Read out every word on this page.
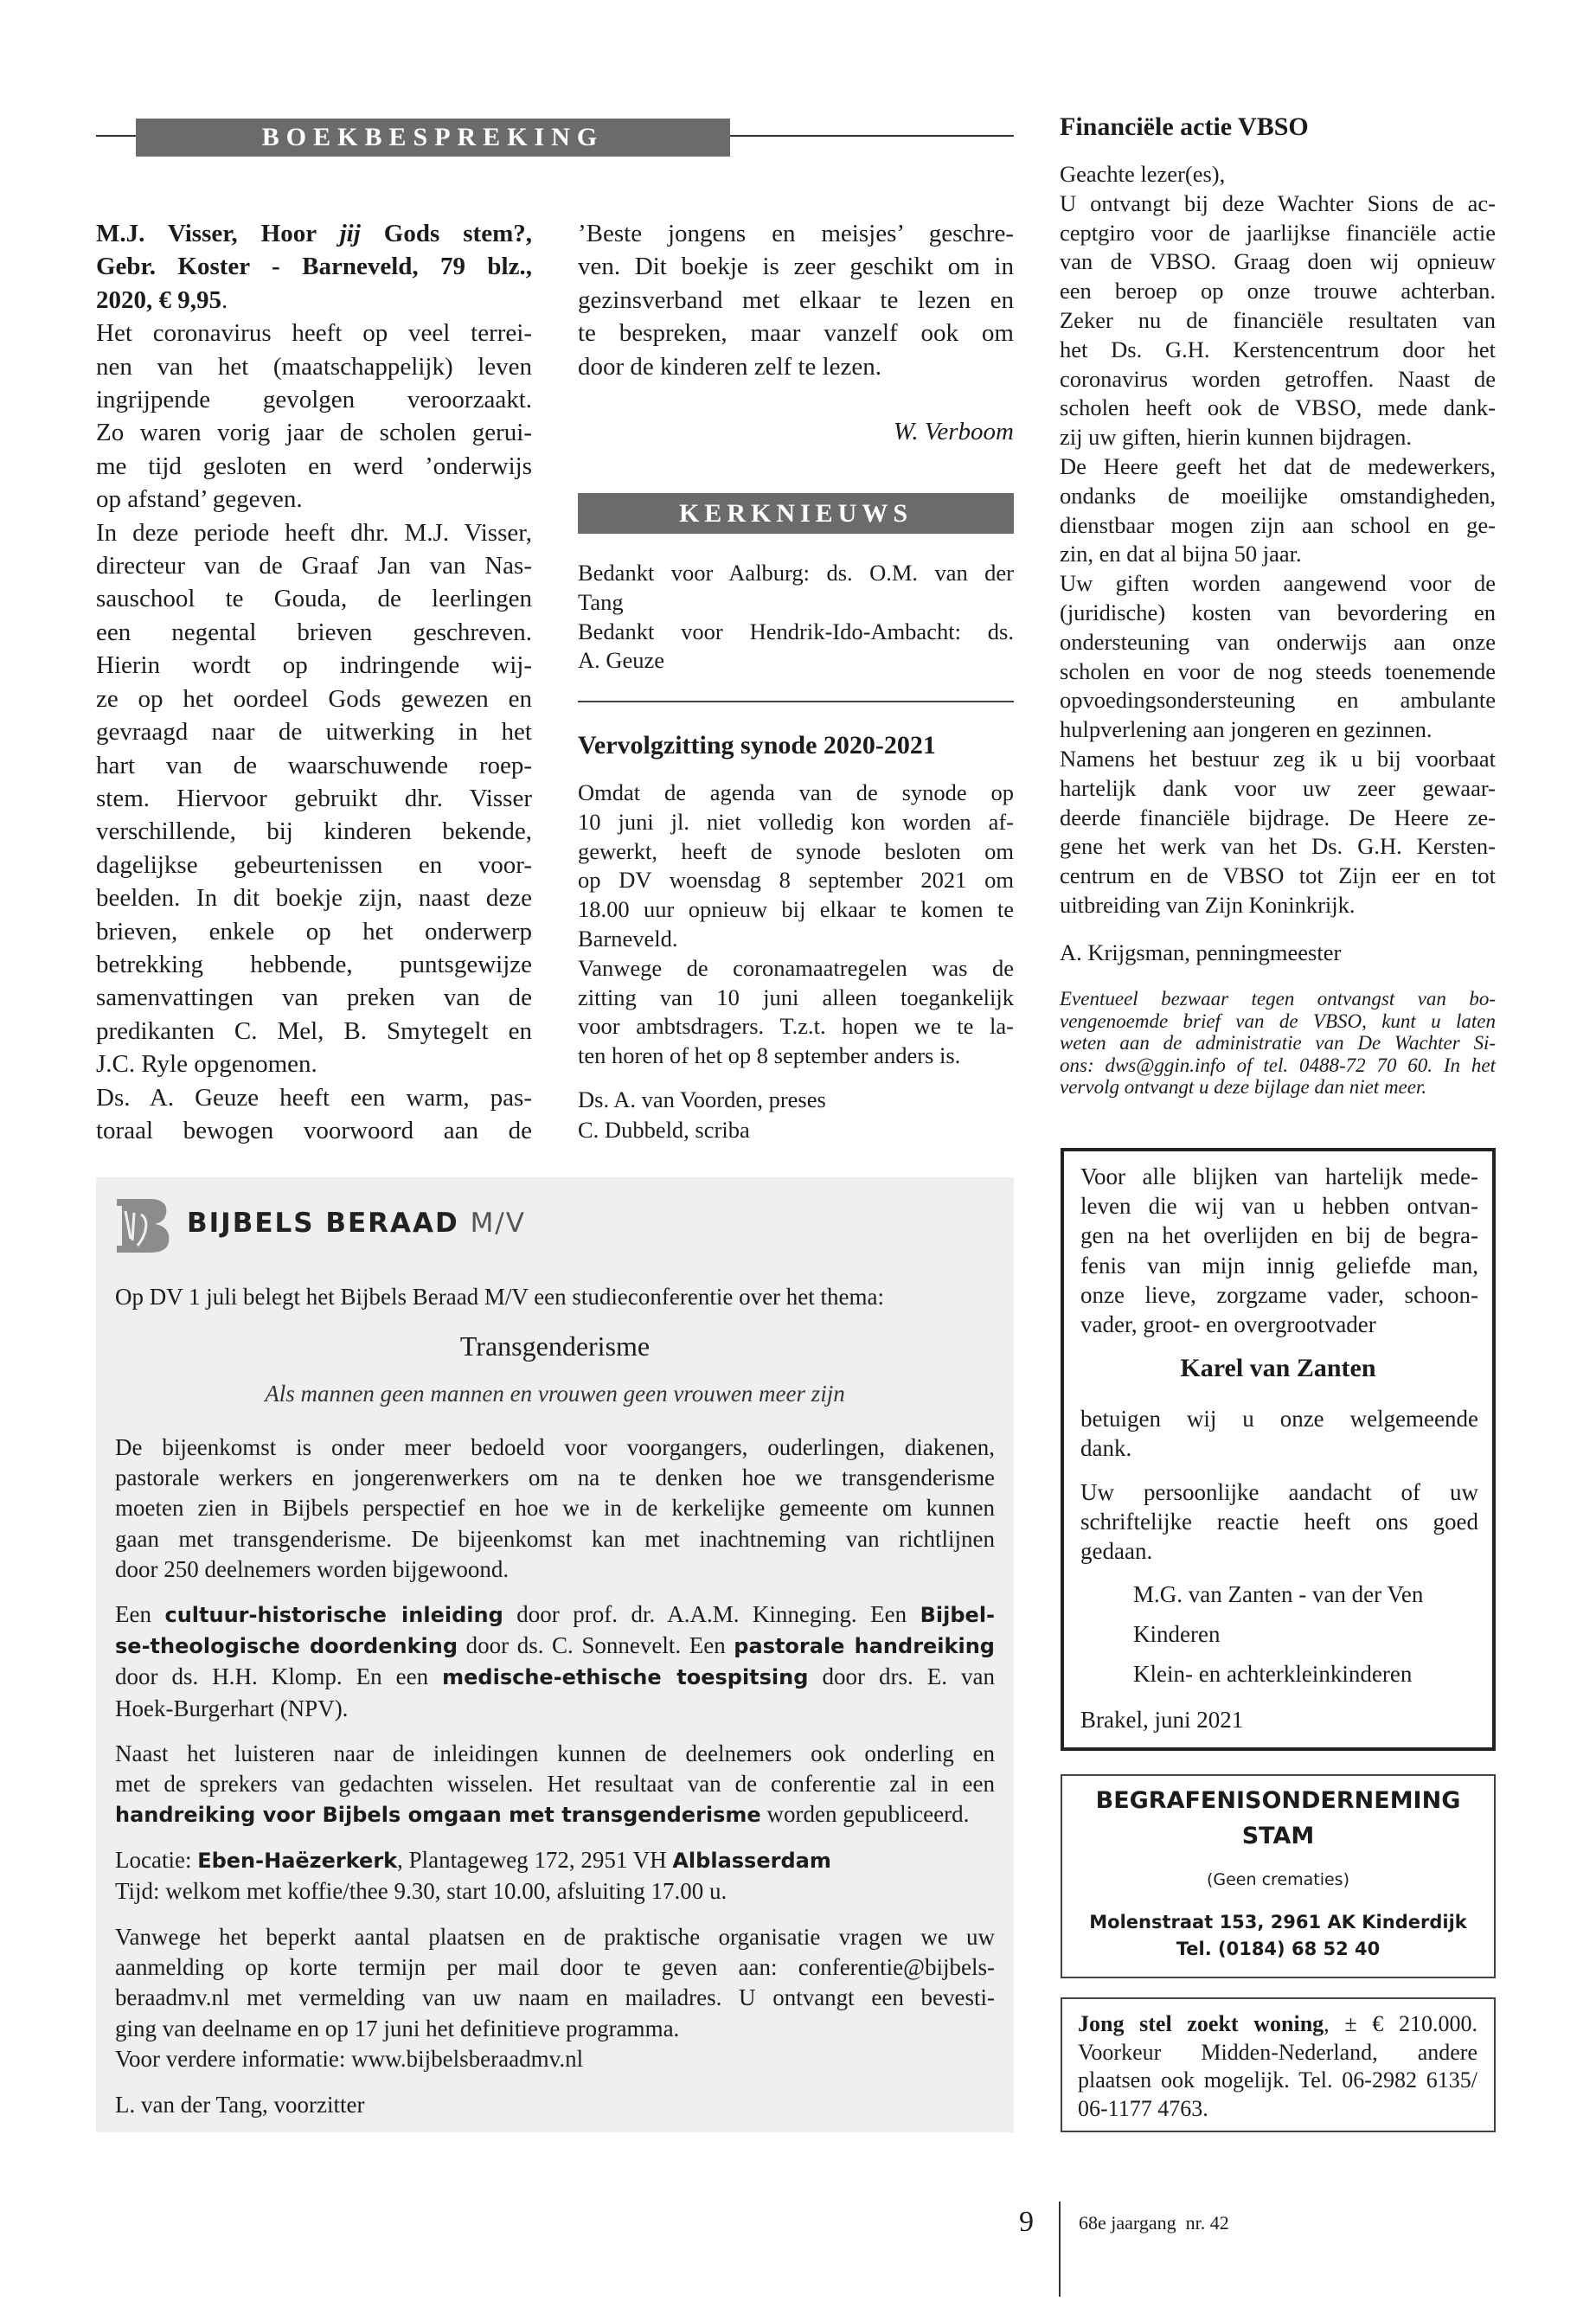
BOEKBESPREKING
M.J. Visser, Hoor jij Gods stem?,
Gebr. Koster - Barneveld, 79 blz.,
2020, € 9,95.
Het coronavirus heeft op veel terrei-
nen van het (maatschappelijk) leven
ingrijpende gevolgen veroorzaakt.
Zo waren vorig jaar de scholen gerui-
me tijd gesloten en werd ’onderwijs
op afstand’ gegeven.
In deze periode heeft dhr. M.J. Visser,
directeur van de Graaf Jan van Nas-
sauschool te Gouda, de leerlingen
een negental brieven geschreven.
Hierin wordt op indringende wij-
ze op het oordeel Gods gewezen en
gevraagd naar de uitwerking in het
hart van de waarschuwende roep-
stem. Hiervoor gebruikt dhr. Visser
verschillende, bij kinderen bekende,
dagelijkse gebeurtenissen en voor-
beelden. In dit boekje zijn, naast deze
brieven, enkele op het onderwerp
betrekking hebbende, puntsgewijze
samenvattingen van preken van de
predikanten C. Mel, B. Smytegelt en
J.C. Ryle opgenomen.
Ds. A. Geuze heeft een warm, pas-
toraal bewogen voorwoord aan de
’Beste jongens en meisjes’ geschre-
ven. Dit boekje is zeer geschikt om in
gezinsverband met elkaar te lezen en
te bespreken, maar vanzelf ook om
door de kinderen zelf te lezen.
W. Verboom
KERKNIEUWS
Bedankt voor Aalburg: ds. O.M. van der
Tang
Bedankt voor Hendrik-Ido-Ambacht: ds.
A. Geuze
Vervolgzitting synode 2020-2021
Omdat de agenda van de synode op
10 juni jl. niet volledig kon worden af-
gewerkt, heeft de synode besloten om
op DV woensdag 8 september 2021 om
18.00 uur opnieuw bij elkaar te komen te
Barneveld.
Vanwege de coronamaatregelen was de
zitting van 10 juni alleen toegankelijk
voor ambtsdragers. T.z.t. hopen we te la-
ten horen of het op 8 september anders is.
Ds. A. van Voorden, preses
C. Dubbeld, scriba
Financiële actie VBSO
Geachte lezer(es),
U ontvangt bij deze Wachter Sions de ac-
ceptgiro voor de jaarlijkse financiële actie
van de VBSO. Graag doen wij opnieuw
een beroep op onze trouwe achterban.
Zeker nu de financiële resultaten van
het Ds. G.H. Kerstencentrum door het
coronavirus worden getroffen. Naast de
scholen heeft ook de VBSO, mede dank-
zij uw giften, hierin kunnen bijdragen.
De Heere geeft het dat de medewerkers,
ondanks de moeilijke omstandigheden,
dienstbaar mogen zijn aan school en ge-
zin, en dat al bijna 50 jaar.
Uw giften worden aangewend voor de
(juridische) kosten van bevordering en
ondersteuning van onderwijs aan onze
scholen en voor de nog steeds toenemende
opvoedingsondersteuning en ambulante
hulpverlening aan jongeren en gezinnen.
Namens het bestuur zeg ik u bij voorbaat
hartelijk dank voor uw zeer gewaar-
deerde financiële bijdrage. De Heere ze-
gene het werk van het Ds. G.H. Kersten-
centrum en de VBSO tot Zijn eer en tot
uitbreiding van Zijn Koninkrijk.
A. Krijgsman, penningmeester
Eventueel bezwaar tegen ontvangst van bo-
vengenoemde brief van de VBSO, kunt u laten
weten aan de administratie van De Wachter Si-
ons: dws@ggin.info of tel. 0488-72 70 60. In het
vervolg ontvangt u deze bijlage dan niet meer.
BIJBELS BERAAD M/V
Op DV 1 juli belegt het Bijbels Beraad M/V een studieconferentie over het thema:
Transgenderisme
Als mannen geen mannen en vrouwen geen vrouwen meer zijn
De bijeenkomst is onder meer bedoeld voor voorgangers, ouderlingen, diakenen,
pastorale werkers en jongerenwerkers om na te denken hoe we transgenderisme
moeten zien in Bijbels perspectief en hoe we in de kerkelijke gemeente om kunnen
gaan met transgenderisme. De bijeenkomst kan met inachtneming van richtlijnen
door 250 deelnemers worden bijgewoond.
Een cultuur-historische inleiding door prof. dr. A.A.M. Kinneging. Een Bijbel-
se-theologische doordenking door ds. C. Sonnevelt. Een pastorale handreiking
door ds. H.H. Klomp. En een medische-ethische toespitsing door drs. E. van
Hoek-Burgerhart (NPV).
Naast het luisteren naar de inleidingen kunnen de deelnemers ook onderling en
met de sprekers van gedachten wisselen. Het resultaat van de conferentie zal in een
handreiking voor Bijbels omgaan met transgenderisme worden gepubliceerd.
Locatie: Eben-Haëzerkerk, Plantageweg 172, 2951 VH Alblasserdam
Tijd: welkom met koffie/thee 9.30, start 10.00, afsluiting 17.00 u.
Vanwege het beperkt aantal plaatsen en de praktische organisatie vragen we uw
aanmelding op korte termijn per mail door te geven aan: conferentie@bijbels-
beraadmv.nl met vermelding van uw naam en mailadres. U ontvangt een bevesti-
ging van deelname en op 17 juni het definitieve programma.
Voor verdere informatie: www.bijbelsberaadmv.nl
L. van der Tang, voorzitter
Voor alle blijken van hartelijk mede-
leven die wij van u hebben ontvan-
gen na het overlijden en bij de begra-
fenis van mijn innig geliefde man,
onze lieve, zorgzame vader, schoon-
vader, groot- en overgrootvader
Karel van Zanten
betuigen wij u onze welgemeende
dank.
Uw persoonlijke aandacht of uw
schriftelijke reactie heeft ons goed
gedaan.
M.G. van Zanten - van der Ven
Kinderen
Klein- en achterkleinkinderen
Brakel, juni 2021
BEGRAFENISONDERNEMING
STAM
(Geen crematies)
Molenstraat 153, 2961 AK Kinderdijk
Tel. (0184) 68 52 40
Jong stel zoekt woning, ± € 210.000.
Voorkeur Midden-Nederland, andere
plaatsen ook mogelijk. Tel. 06-2982 6135/
06-1177 4763.
9 68e jaargang  nr. 42
